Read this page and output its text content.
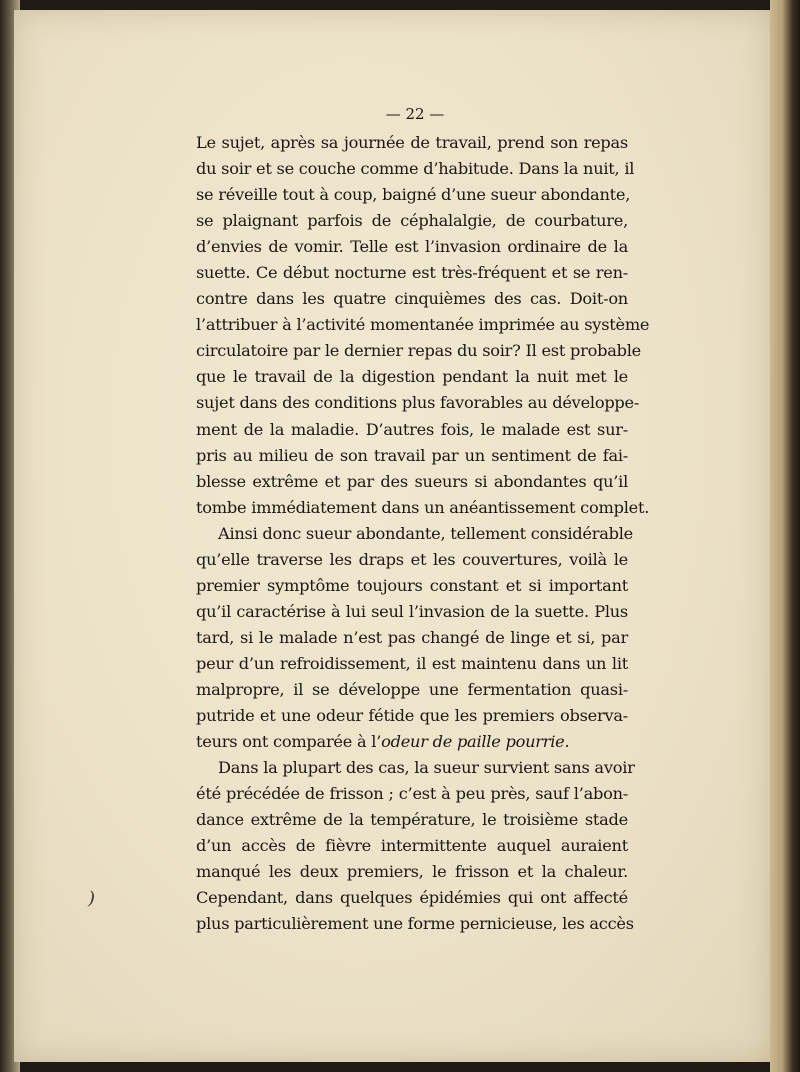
— 22 —
Le sujet, après sa journée de travail, prend son repas
du soir et se couche comme d’habitude. Dans la nuit, il
se réveille tout à coup, baigné d’une sueur abondante,
se plaignant parfois de céphalalgie, de courbature,
d’envies de vomir. Telle est l’invasion ordinaire de la
suette. Ce début nocturne est très-fréquent et se ren-
contre dans les quatre cinquièmes des cas. Doit-on
l’attribuer à l’activité momentanée imprimée au système
circulatoire par le dernier repas du soir? Il est probable
que le travail de la digestion pendant la nuit met le
sujet dans des conditions plus favorables au développe-
ment de la maladie. D’autres fois, le malade est sur-
pris au milieu de son travail par un sentiment de fai-
blesse extrême et par des sueurs si abondantes qu’il
tombe immédiatement dans un anéantissement complet.
Ainsi donc sueur abondante, tellement considérable
qu’elle traverse les draps et les couvertures, voilà le
premier symptôme toujours constant et si important
qu’il caractérise à lui seul l’invasion de la suette. Plus
tard, si le malade n’est pas changé de linge et si, par
peur d’un refroidissement, il est maintenu dans un lit
malpropre, il se développe une fermentation quasi-
putride et une odeur fétide que les premiers observa-
teurs ont comparée à l’odeur de paille pourrie.
Dans la plupart des cas, la sueur survient sans avoir
été précédée de frisson ; c’est à peu près, sauf l’abon-
dance extrême de la température, le troisième stade
d’un accès de fièvre intermittente auquel auraient
manqué les deux premiers, le frisson et la chaleur.
Cependant, dans quelques épidémies qui ont affecté
plus particulièrement une forme pernicieuse, les accès
)
